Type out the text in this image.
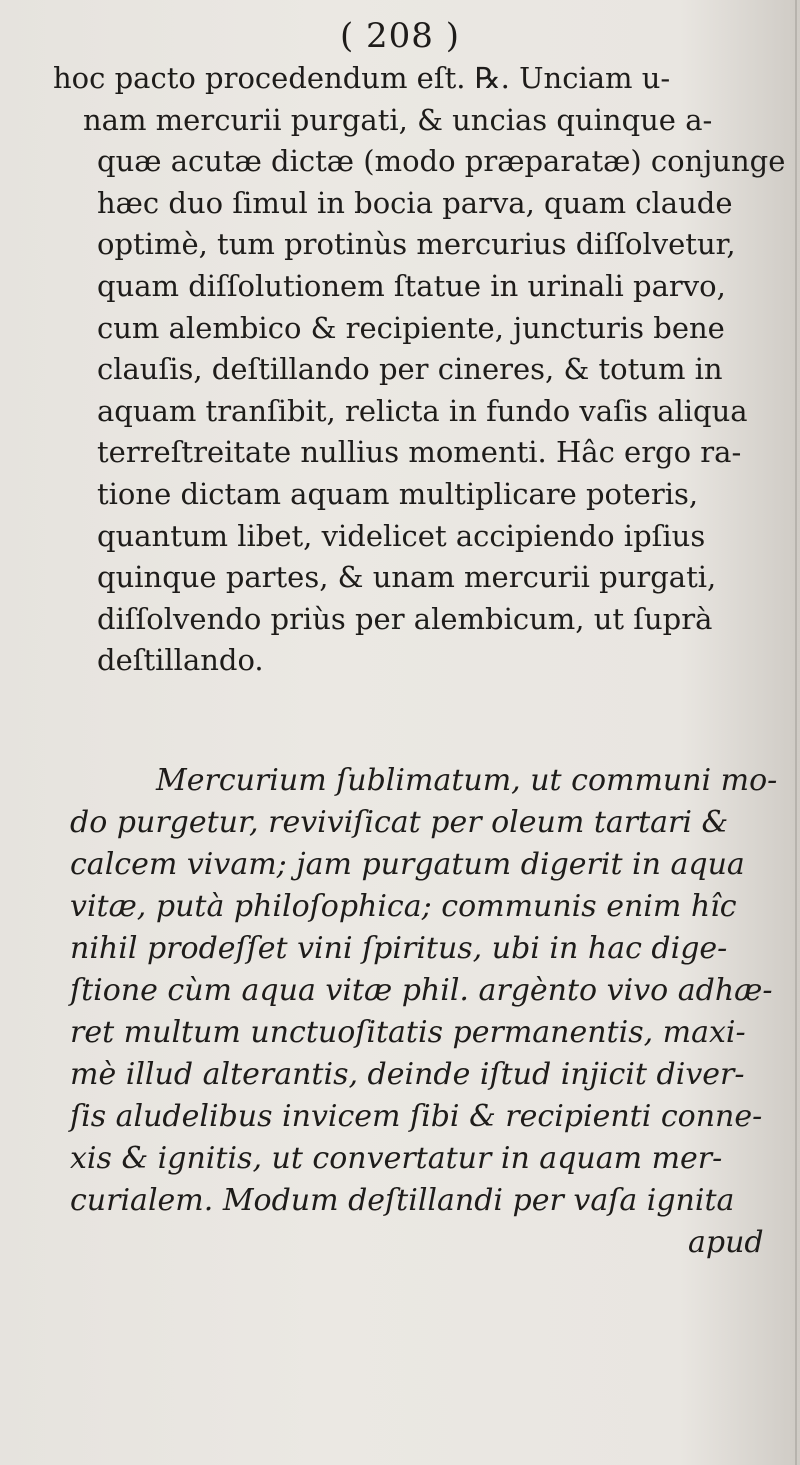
( 208 )
hoc pacto procedendum eſt. ℞. Unciam u-
nam mercurii purgati, & uncias quinque a-
quæ acutæ dictæ (modo præparatæ) conjunge
hæc duo ſimul in bocia parva, quam claude
optimè, tum protinùs mercurius diſſolvetur,
quam diſſolutionem ſtatue in urinali parvo,
cum alembico & recipiente, juncturis bene
clauſis, deſtillando per cineres, & totum in
aquam tranſibit, relicta in fundo vaſis aliqua
terreſtreitate nullius momenti. Hâc ergo ra-
tione dictam aquam multiplicare poteris,
quantum libet, videlicet accipiendo ipſius
quinque partes, & unam mercurii purgati,
diſſolvendo priùs per alembicum, ut ſuprà
deſtillando.
Mercurium ſublimatum, ut communi mo-
do purgetur, reviviſicat per oleum tartari &
calcem vivam; jam purgatum digerit in aqua
vitæ, putà philoſophica; communis enim hîc
nihil prodeſſet vini ſpiritus, ubi in hac dige-
ſtione cùm aqua vitæ phil. argènto vivo adhæ-
ret multum unctuoſitatis permanentis, maxi-
mè illud alterantis, deinde iſtud injicit diver-
ſis aludelibus invicem ſibi & recipienti conne-
xis & ignitis, ut convertatur in aquam mer-
curialem. Modum deſtillandi per vaſa ignita
apud
